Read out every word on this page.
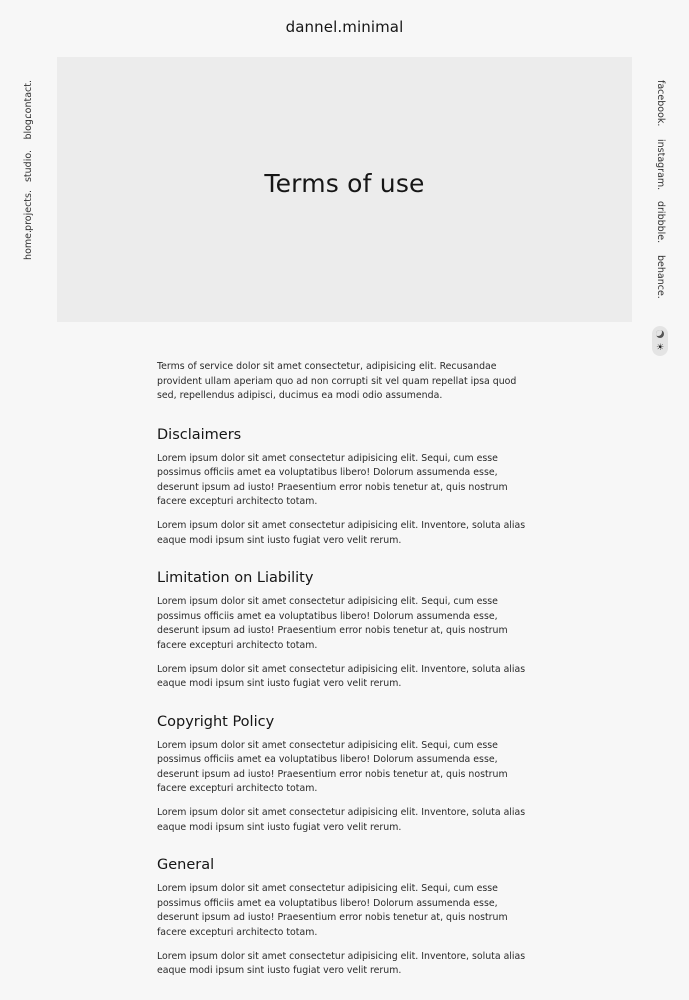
dannel.minimal
home.
projects.
studio.
blog.
contact.	facebook.
instagram.
dribbble.
behance.
☀
Terms of use

Terms of service dolor sit amet consectetur, adipisicing elit. Recusandae provident ullam aperiam quo ad non corrupti sit vel quam repellat ipsa quod sed, repellendus adipisci, ducimus ea modi odio assumenda.

Disclaimers

Lorem ipsum dolor sit amet consectetur adipisicing elit. Sequi, cum esse possimus officiis amet ea voluptatibus libero! Dolorum assumenda esse, deserunt ipsum ad iusto! Praesentium error nobis tenetur at, quis nostrum facere excepturi architecto totam.

Lorem ipsum dolor sit amet consectetur adipisicing elit. Inventore, soluta alias eaque modi ipsum sint iusto fugiat vero velit rerum.

Limitation on Liability

Lorem ipsum dolor sit amet consectetur adipisicing elit. Sequi, cum esse possimus officiis amet ea voluptatibus libero! Dolorum assumenda esse, deserunt ipsum ad iusto! Praesentium error nobis tenetur at, quis nostrum facere excepturi architecto totam.

Lorem ipsum dolor sit amet consectetur adipisicing elit. Inventore, soluta alias eaque modi ipsum sint iusto fugiat vero velit rerum.

Copyright Policy

Lorem ipsum dolor sit amet consectetur adipisicing elit. Sequi, cum esse possimus officiis amet ea voluptatibus libero! Dolorum assumenda esse, deserunt ipsum ad iusto! Praesentium error nobis tenetur at, quis nostrum facere excepturi architecto totam.

Lorem ipsum dolor sit amet consectetur adipisicing elit. Inventore, soluta alias eaque modi ipsum sint iusto fugiat vero velit rerum.

General

Lorem ipsum dolor sit amet consectetur adipisicing elit. Sequi, cum esse possimus officiis amet ea voluptatibus libero! Dolorum assumenda esse, deserunt ipsum ad iusto! Praesentium error nobis tenetur at, quis nostrum facere excepturi architecto totam.

Lorem ipsum dolor sit amet consectetur adipisicing elit. Inventore, soluta alias eaque modi ipsum sint iusto fugiat vero velit rerum.
